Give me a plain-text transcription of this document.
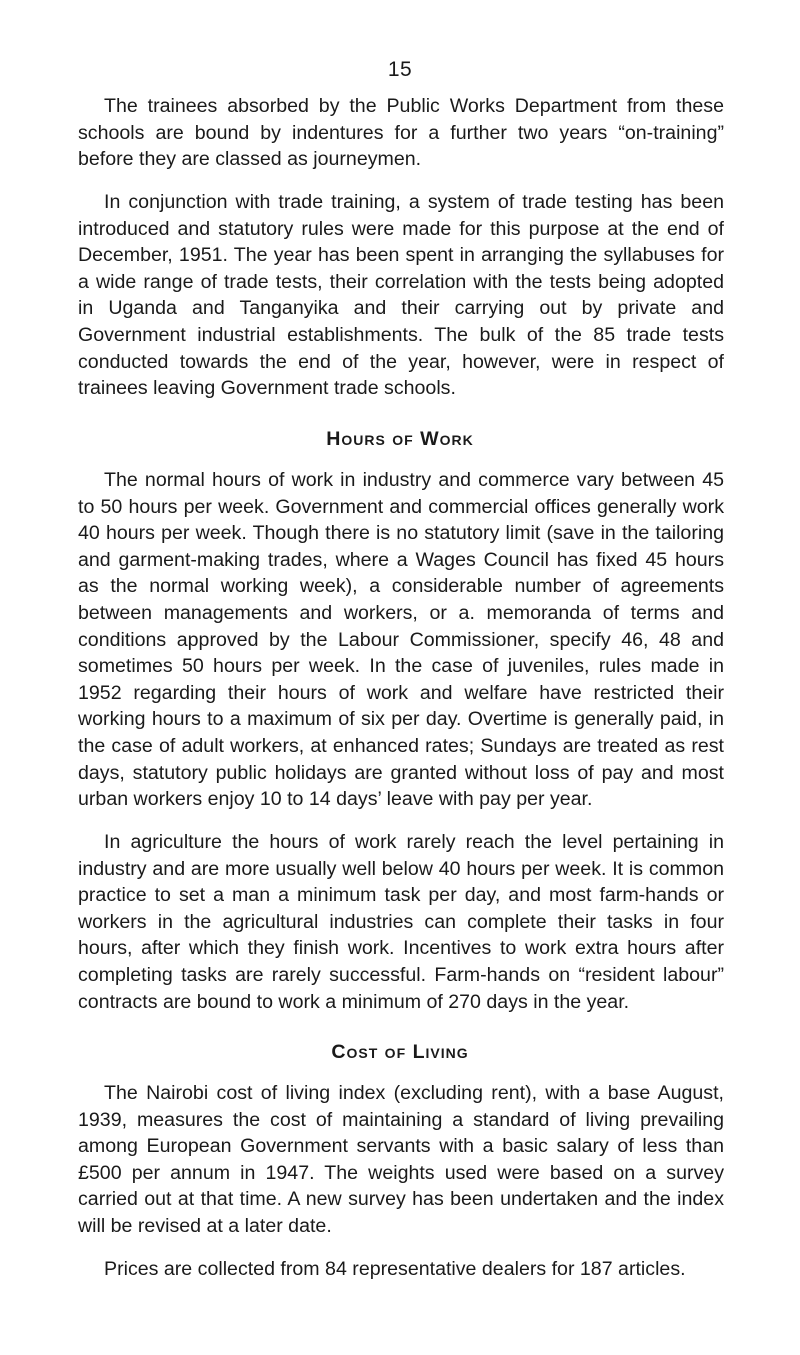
15

The trainees absorbed by the Public Works Department from these schools are bound by indentures for a further two years “on-training” before they are classed as journeymen.

In conjunction with trade training, a system of trade testing has been introduced and statutory rules were made for this purpose at the end of December, 1951. The year has been spent in arranging the syllabuses for a wide range of trade tests, their correlation with the tests being adopted in Uganda and Tanganyika and their carrying out by private and Government industrial establishments. The bulk of the 85 trade tests conducted towards the end of the year, however, were in respect of trainees leaving Government trade schools.

Hours of Work

The normal hours of work in industry and commerce vary between 45 to 50 hours per week. Government and commercial offices generally work 40 hours per week. Though there is no statutory limit (save in the tailoring and garment-making trades, where a Wages Council has fixed 45 hours as the normal working week), a considerable number of agreements between managements and workers, or a. memoranda of terms and conditions approved by the Labour Commissioner, specify 46, 48 and sometimes 50 hours per week. In the case of juveniles, rules made in 1952 regarding their hours of work and welfare have restricted their working hours to a maximum of six per day. Overtime is generally paid, in the case of adult workers, at enhanced rates; Sundays are treated as rest days, statutory public holidays are granted without loss of pay and most urban workers enjoy 10 to 14 days’ leave with pay per year.

In agriculture the hours of work rarely reach the level pertaining in industry and are more usually well below 40 hours per week. It is common practice to set a man a minimum task per day, and most farm-hands or workers in the agricultural industries can complete their tasks in four hours, after which they finish work. Incentives to work extra hours after completing tasks are rarely successful. Farm-hands on “resident labour” contracts are bound to work a minimum of 270 days in the year.

Cost of Living

The Nairobi cost of living index (excluding rent), with a base August, 1939, measures the cost of maintaining a standard of living prevailing among European Government servants with a basic salary of less than £500 per annum in 1947. The weights used were based on a survey carried out at that time. A new survey has been undertaken and the index will be revised at a later date.

Prices are collected from 84 representative dealers for 187 articles.
